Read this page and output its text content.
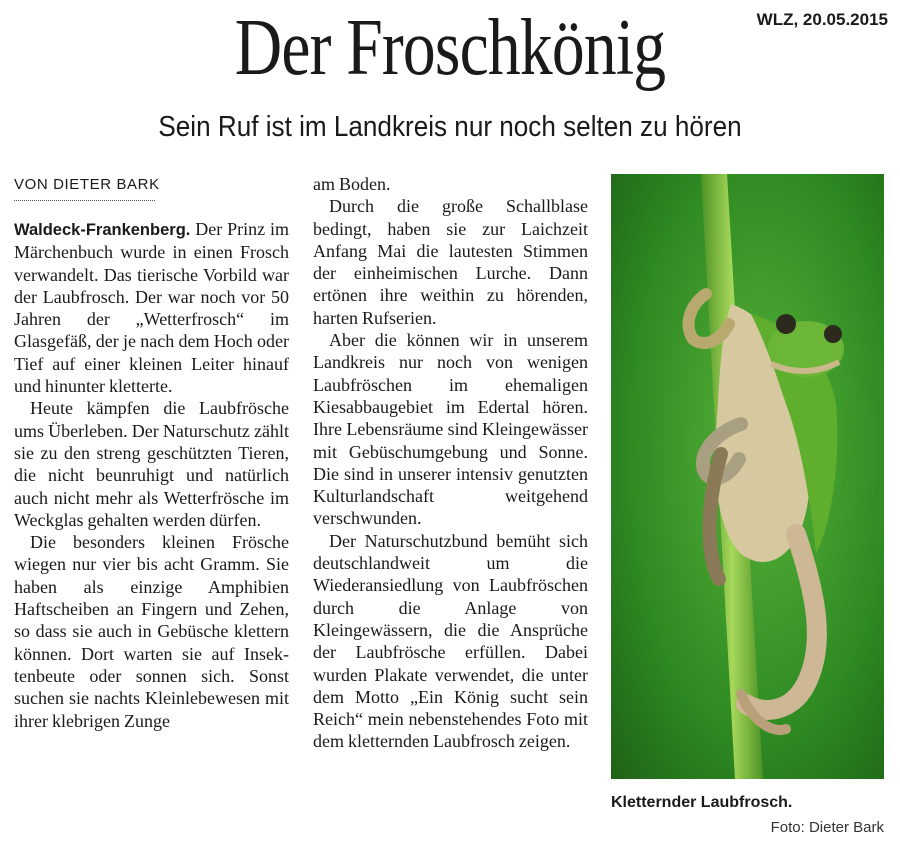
Der Froschkönig	WLZ, 20.05.2015
Sein Ruf ist im Landkreis nur noch selten zu hören
VON DIETER BARK

Waldeck-Frankenberg. Der Prinz im Märchenbuch wurde in einen Frosch verwandelt. Das tierische Vorbild war der Laubfrosch. Der war noch vor 50 Jahren der „Wetterfrosch“ im Glasgefäß, der je nach dem Hoch oder Tief auf einer kleinen Leiter hinauf und hinunter kletterte.

Heute kämpfen die Laubfrösche ums Überleben. Der Naturschutz zählt sie zu den streng geschützten Tieren, die nicht beunruhigt und natürlich auch nicht mehr als Wetterfrösche im Weckglas gehalten werden dürfen.

Die besonders kleinen Frösche wiegen nur vier bis acht Gramm. Sie haben als einzige Amphibien Haftscheiben an Fingern und Zehen, so dass sie auch in Gebüsche klettern können. Dort warten sie auf Insektenbeute oder sonnen sich. Sonst suchen sie nachts Kleinlebewesen mit ihrer klebrigen Zunge

am Boden.

Durch die große Schallblase bedingt, haben sie zur Laichzeit Anfang Mai die lautesten Stimmen der einheimischen Lurche. Dann ertönen ihre weithin zu hörenden, harten Rufserien.

Aber die können wir in unserem Landkreis nur noch von wenigen Laubfröschen im ehemaligen Kiesabbaugebiet im Edertal hören. Ihre Lebensräume sind Kleingewässer mit Gebüschumgebung und Sonne. Die sind in unserer intensiv genutzten Kulturlandschaft weitgehend verschwunden.

Der Naturschutzbund bemüht sich deutschlandweit um die Wiederansiedlung von Laubfröschen durch die Anlage von Kleingewässern, die die Ansprüche der Laubfrösche erfüllen. Dabei wurden Plakate verwendet, die unter dem Motto „Ein König sucht sein Reich“ mein nebenstehendes Foto mit dem kletternden Laubfrosch zeigen.

Kletternder Laubfrosch.
Foto: Dieter Bark
